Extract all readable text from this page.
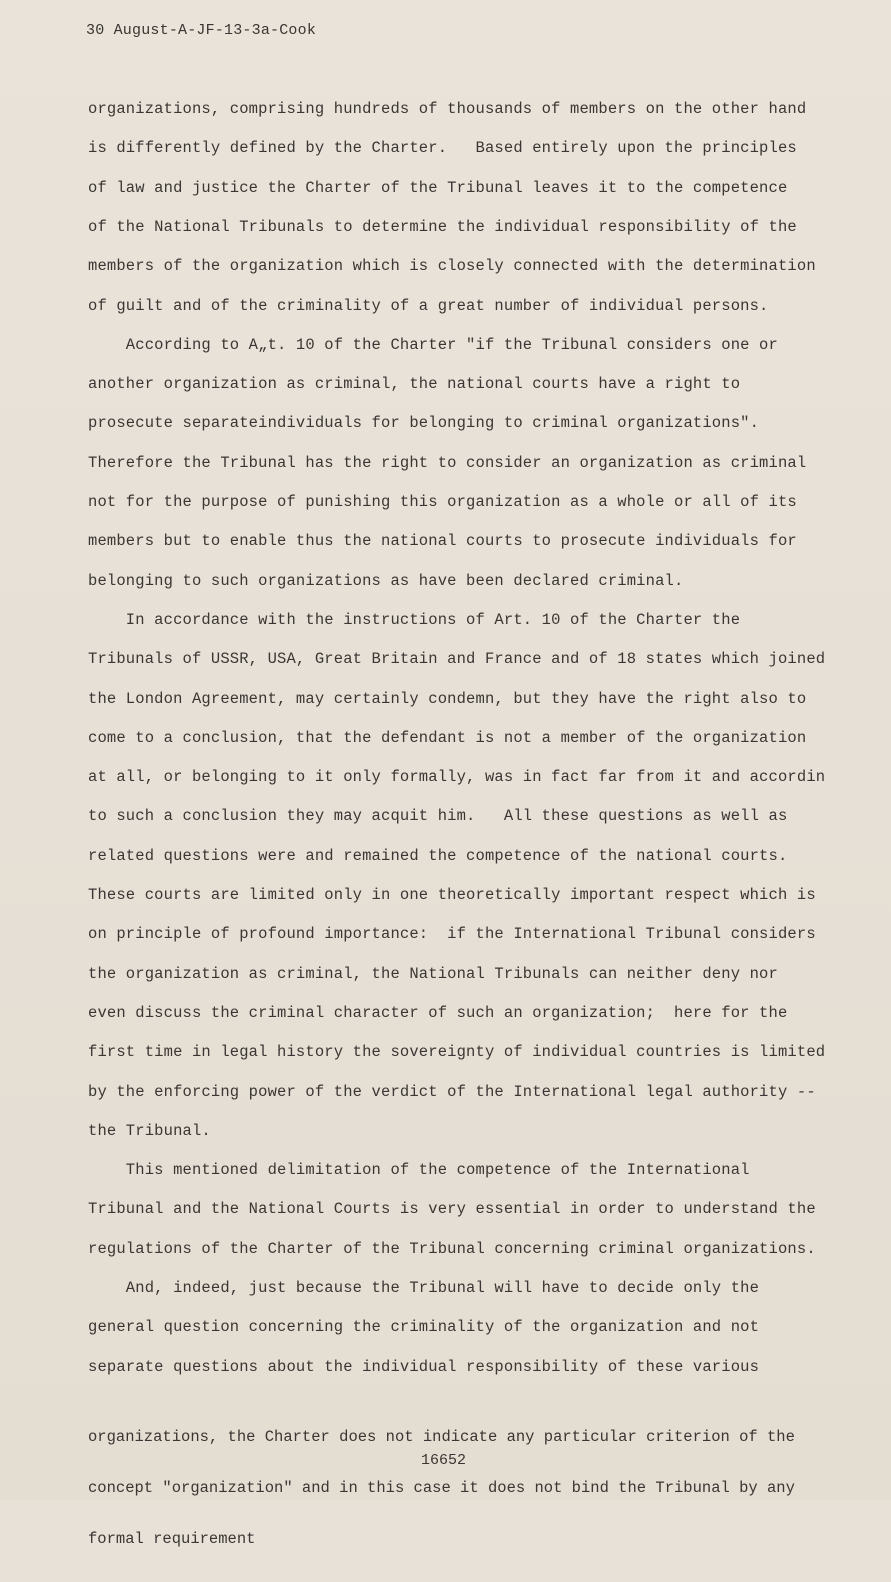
30 August-A-JF-13-3a-Cook
organizations, comprising hundreds of thousands of members on the other hand
is differently defined by the Charter.   Based entirely upon the principles
of law and justice the Charter of the Tribunal leaves it to the competence
of the National Tribunals to determine the individual responsibility of the
members of the organization which is closely connected with the determination
of guilt and of the criminality of a great number of individual persons.
According to A„t. 10 of the Charter "if the Tribunal considers one or
another organization as criminal, the national courts have a right to
prosecute separateindividuals for belonging to criminal organizations".
Therefore the Tribunal has the right to consider an organization as criminal
not for the purpose of punishing this organization as a whole or all of its
members but to enable thus the national courts to prosecute individuals for
belonging to such organizations as have been declared criminal.
In accordance with the instructions of Art. 10 of the Charter the
Tribunals of USSR, USA, Great Britain and France and of 18 states which joined
the London Agreement, may certainly condemn, but they have the right also to
come to a conclusion, that the defendant is not a member of the organization
at all, or belonging to it only formally, was in fact far from it and accordin
to such a conclusion they may acquit him.   All these questions as well as
related questions were and remained the competence of the national courts.
These courts are limited only in one theoretically important respect which is
on principle of profound importance:  if the International Tribunal considers
the organization as criminal, the National Tribunals can neither deny nor
even discuss the criminal character of such an organization;  here for the
first time in legal history the sovereignty of individual countries is limited
by the enforcing power of the verdict of the International legal authority --
the Tribunal.
This mentioned delimitation of the competence of the International
Tribunal and the National Courts is very essential in order to understand the
regulations of the Charter of the Tribunal concerning criminal organizations.
And, indeed, just because the Tribunal will have to decide only the
general question concerning the criminality of the organization and not
separate questions about the individual responsibility of these various

organizations, the Charter does not indicate any particular criterion of the

concept "organization" and in this case it does not bind the Tribunal by any

formal requirement

16652
